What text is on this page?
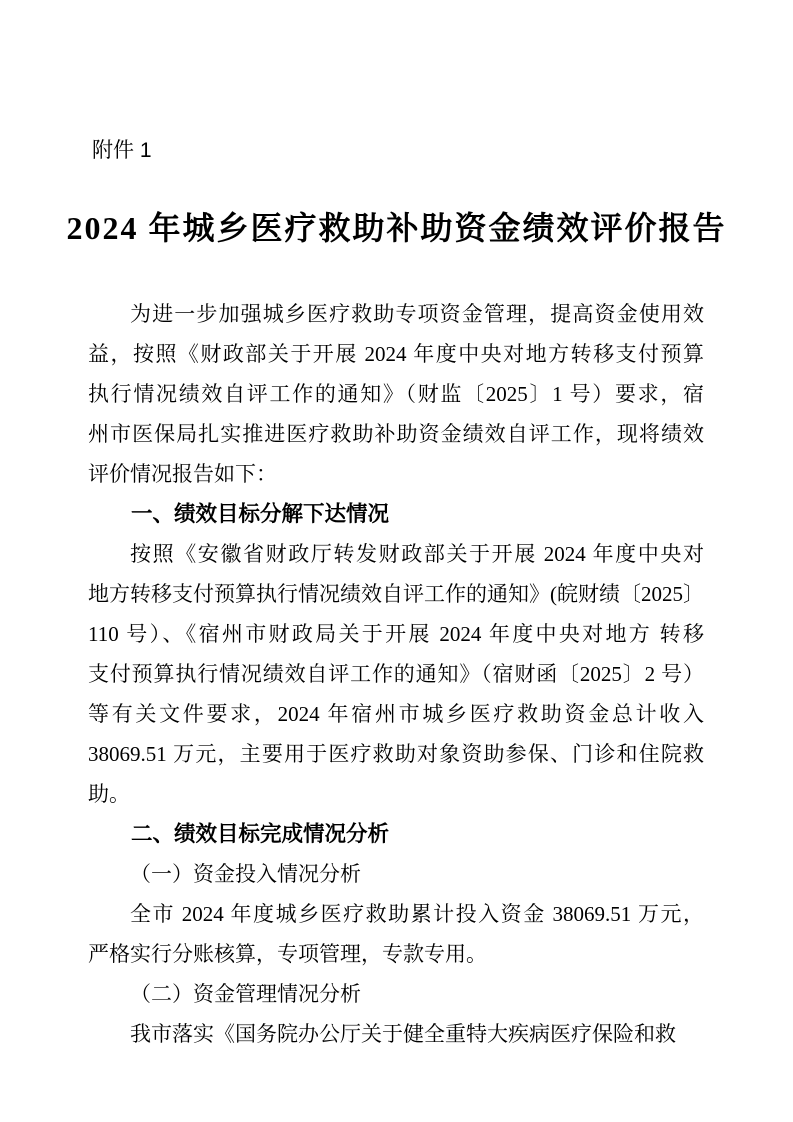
附件 1
2024 年城乡医疗救助补助资金绩效评价报告
为进一步加强城乡医疗救助专项资金管理，提高资金使用效
益，按照《财政部关于开展 2024 年度中央对地方转移支付预算
执行情况绩效自评工作的通知》（财监〔2025〕1 号）要求，宿
州市医保局扎实推进医疗救助补助资金绩效自评工作，现将绩效
评价情况报告如下：
一、绩效目标分解下达情况
按照《安徽省财政厅转发财政部关于开展 2024 年度中央对
地方转移支付预算执行情况绩效自评工作的通知》(皖财绩〔2025〕
110 号）、《宿州市财政局关于开展 2024 年度中央对地方 转移
支付预算执行情况绩效自评工作的通知》（宿财函〔2025〕2 号）
等有关文件要求，2024 年宿州市城乡医疗救助资金总计收入
38069.51 万元，主要用于医疗救助对象资助参保、门诊和住院救
助。
二、绩效目标完成情况分析
（一）资金投入情况分析
全市 2024 年度城乡医疗救助累计投入资金 38069.51 万元，
严格实行分账核算，专项管理，专款专用。
（二）资金管理情况分析
我市落实《国务院办公厅关于健全重特大疾病医疗保险和救
